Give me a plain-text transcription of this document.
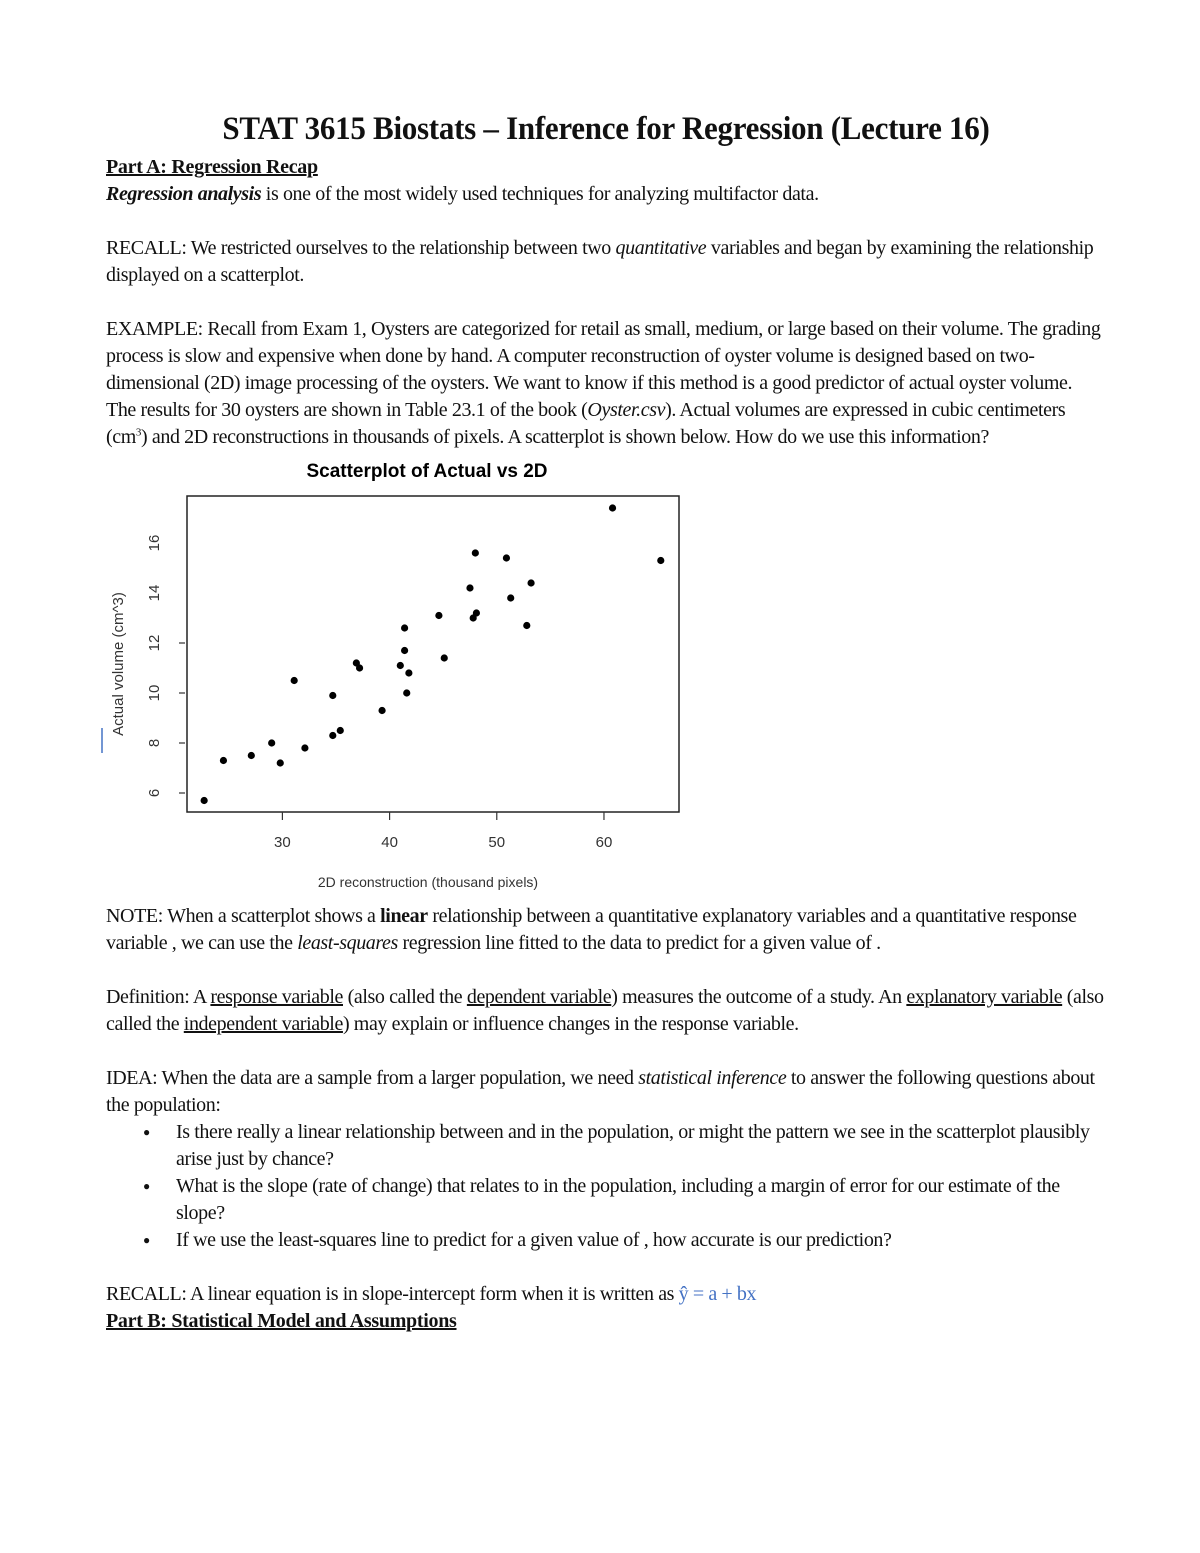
STAT 3615 Biostats – Inference for Regression (Lecture 16)

Part A: Regression Recap

Regression analysis is one of the most widely used techniques for analyzing multifactor data.

RECALL: We restricted ourselves to the relationship between two quantitative variables and began by examining the relationship displayed on a scatterplot.

EXAMPLE: Recall from Exam 1, Oysters are categorized for retail as small, medium, or large based on their volume. The grading process is slow and expensive when done by hand. A computer reconstruction of oyster volume is designed based on two-dimensional (2D) image processing of the oysters. We want to know if this method is a good predictor of actual oyster volume. The results for 30 oysters are shown in Table 23.1 of the book (Oyster.csv). Actual volumes are expressed in cubic centimeters $(cm^3)$ and 2D reconstructions in thousands of pixels. A scatterplot is shown below. How do we use this information?

Scatterplot of Actual vs 2D
30	40	50	60
6
8
10
12
14
16
2D reconstruction (thousand pixels)
Actual volume (cm^3)

NOTE: When a scatterplot shows a linear relationship between a quantitative explanatory variables and a quantitative response variable , we can use the least-squares regression line fitted to the data to predict for a given value of .

Definition: A response variable (also called the dependent variable) measures the outcome of a study. An explanatory variable (also called the independent variable) may explain or influence changes in the response variable.

IDEA: When the data are a sample from a larger population, we need statistical inference to answer the following questions about the population:

● Is there really a linear relationship between and in the population, or might the pattern we see in the scatterplot plausibly arise just by chance?
● What is the slope (rate of change) that relates to in the population, including a margin of error for our estimate of the slope?
● If we use the least-squares line to predict for a given value of , how accurate is our prediction?

RECALL: A linear equation is in slope-intercept form when it is written as ŷ = a + bx

Part B: Statistical Model and Assumptions
